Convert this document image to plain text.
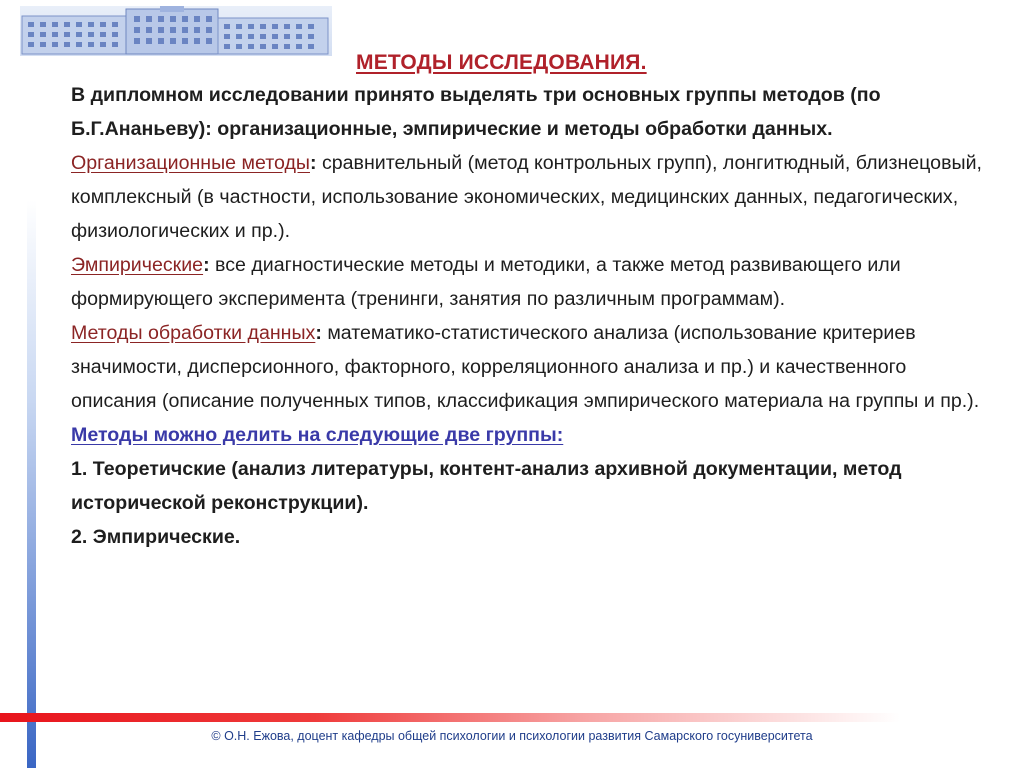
МЕТОДЫ ИССЛЕДОВАНИЯ.

В дипломном исследовании принято выделять три основных группы методов (по Б.Г.Ананьеву): организационные, эмпирические и методы обработки данных.

Организационные методы: сравнительный (метод контрольных групп), лонгитюдный, близнецовый, комплексный (в частности, использование экономических, медицинских данных, педагогических, физиологических и пр.).

Эмпирические: все диагностические методы и методики, а также метод развивающего или формирующего эксперимента (тренинги, занятия по различным программам).

Методы обработки данных: математико-статистического анализа (использование критериев значимости, дисперсионного, факторного, корреляционного анализа и пр.) и качественного описания (описание полученных типов, классификация эмпирического материала на группы и пр.).

Методы можно делить на следующие две группы:

1. Теоретичские (анализ литературы, контент-анализ архивной документации, метод исторической реконструкции).

2. Эмпирические.

© О.Н. Ежова, доцент кафедры общей психологии и психологии развития Самарского госуниверситета
